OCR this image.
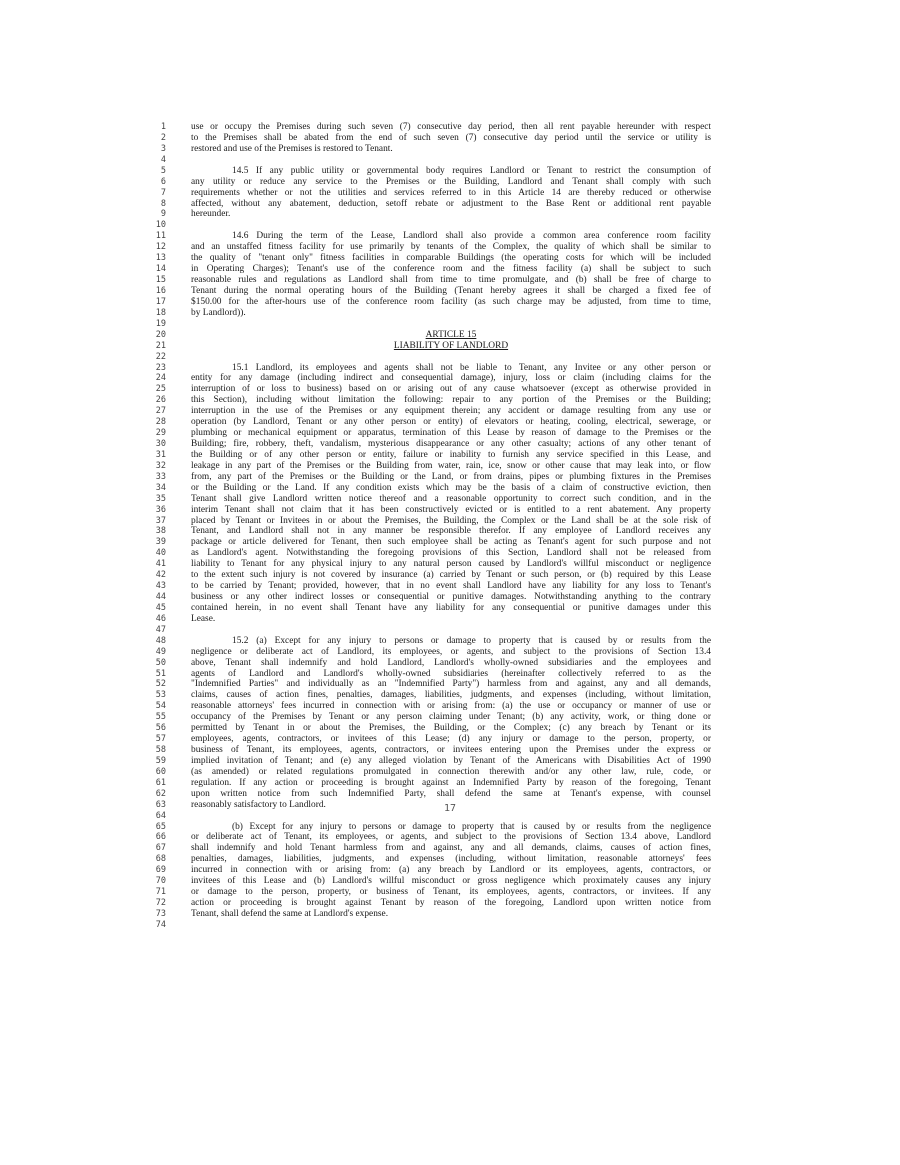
1	use or occupy the Premises during such seven (7) consecutive day period, then all rent payable hereunder with respect
2	to the Premises shall be abated from the end of such seven (7) consecutive day period until the service or utility is
3	restored and use of the Premises is restored to Tenant.
4
5	14.5 If any public utility or governmental body requires Landlord or Tenant to restrict the consumption of
6	any utility or reduce any service to the Premises or the Building, Landlord and Tenant shall comply with such
7	requirements whether or not the utilities and services referred to in this Article 14 are thereby reduced or otherwise
8	affected, without any abatement, deduction, setoff rebate or adjustment to the Base Rent or additional rent payable
9	hereunder.
10
11	14.6 During the term of the Lease, Landlord shall also provide a common area conference room facility
12	and an unstaffed fitness facility for use primarily by tenants of the Complex, the quality of which shall be similar to
13	the quality of "tenant only" fitness facilities in comparable Buildings (the operating costs for which will be included
14	in Operating Charges); Tenant's use of the conference room and the fitness facility (a) shall be subject to such
15	reasonable rules and regulations as Landlord shall from time to time promulgate, and (b) shall be free of charge to
16	Tenant during the normal operating hours of the Building (Tenant hereby agrees it shall be charged a fixed fee of
17	$150.00 for the after-hours use of the conference room facility (as such charge may be adjusted, from time to time,
18	by Landlord)).
19
20	ARTICLE 15
21	LIABILITY OF LANDLORD
22
23	15.1 Landlord, its employees and agents shall not be liable to Tenant, any Invitee or any other person or
24	entity for any damage (including indirect and consequential damage), injury, loss or claim (including claims for the
25	interruption of or loss to business) based on or arising out of any cause whatsoever (except as otherwise provided in
26	this Section), including without limitation the following: repair to any portion of the Premises or the Building;
27	interruption in the use of the Premises or any equipment therein; any accident or damage resulting from any use or
28	operation (by Landlord, Tenant or any other person or entity) of elevators or heating, cooling, electrical, sewerage, or
29	plumbing or mechanical equipment or apparatus, termination of this Lease by reason of damage to the Premises or the
30	Building; fire, robbery, theft, vandalism, mysterious disappearance or any other casualty; actions of any other tenant of
31	the Building or of any other person or entity, failure or inability to furnish any service specified in this Lease, and
32	leakage in any part of the Premises or the Building from water, rain, ice, snow or other cause that may leak into, or flow
33	from, any part of the Premises or the Building or the Land, or from drains, pipes or plumbing fixtures in the Premises
34	or the Building or the Land. If any condition exists which may be the basis of a claim of constructive eviction, then
35	Tenant shall give Landlord written notice thereof and a reasonable opportunity to correct such condition, and in the
36	interim Tenant shall not claim that it has been constructively evicted or is entitled to a rent abatement. Any property
37	placed by Tenant or Invitees in or about the Premises, the Building, the Complex or the Land shall be at the sole risk of
38	Tenant, and Landlord shall not in any manner be responsible therefor. If any employee of Landlord receives any
39	package or article delivered for Tenant, then such employee shall be acting as Tenant's agent for such purpose and not
40	as Landlord's agent. Notwithstanding the foregoing provisions of this Section, Landlord shall not be released from
41	liability to Tenant for any physical injury to any natural person caused by Landlord's willful misconduct or negligence
42	to the extent such injury is not covered by insurance (a) carried by Tenant or such person, or (b) required by this Lease
43	to be carried by Tenant; provided, however, that in no event shall Landlord have any liability for any loss to Tenant's
44	business or any other indirect losses or consequential or punitive damages. Notwithstanding anything to the contrary
45	contained herein, in no event shall Tenant have any liability for any consequential or punitive damages under this
46	Lease.
47
48	15.2 (a) Except for any injury to persons or damage to property that is caused by or results from the
49	negligence or deliberate act of Landlord, its employees, or agents, and subject to the provisions of Section 13.4
50	above, Tenant shall indemnify and hold Landlord, Landlord's wholly-owned subsidiaries and the employees and
51	agents of Landlord and Landlord's wholly-owned subsidiaries (hereinafter collectively referred to as the
52	"Indemnified Parties" and individually as an "Indemnified Party") harmless from and against, any and all demands,
53	claims, causes of action fines, penalties, damages, liabilities, judgments, and expenses (including, without limitation,
54	reasonable attorneys' fees incurred in connection with or arising from: (a) the use or occupancy or manner of use or
55	occupancy of the Premises by Tenant or any person claiming under Tenant; (b) any activity, work, or thing done or
56	permitted by Tenant in or about the Premises, the Building, or the Complex; (c) any breach by Tenant or its
57	employees, agents, contractors, or invitees of this Lease; (d) any injury or damage to the person, property, or
58	business of Tenant, its employees, agents, contractors, or invitees entering upon the Premises under the express or
59	implied invitation of Tenant; and (e) any alleged violation by Tenant of the Americans with Disabilities Act of 1990
60	(as amended) or related regulations promulgated in connection therewith and/or any other law, rule, code, or
61	regulation. If any action or proceeding is brought against an Indemnified Party by reason of the foregoing, Tenant
62	upon written notice from such Indemnified Party, shall defend the same at Tenant's expense, with counsel
63	reasonably satisfactory to Landlord.
64
65	(b) Except for any injury to persons or damage to property that is caused by or results from the negligence
66	or deliberate act of Tenant, its employees, or agents, and subject to the provisions of Section 13.4 above, Landlord
67	shall indemnify and hold Tenant harmless from and against, any and all demands, claims, causes of action fines,
68	penalties, damages, liabilities, judgments, and expenses (including, without limitation, reasonable attorneys' fees
69	incurred in connection with or arising from: (a) any breach by Landlord or its employees, agents, contractors, or
70	invitees of this Lease and (b) Landlord's willful misconduct or gross negligence which proximately causes any injury
71	or damage to the person, property, or business of Tenant, its employees, agents, contractors, or invitees. If any
72	action or proceeding is brought against Tenant by reason of the foregoing, Landlord upon written notice from
73	Tenant, shall defend the same at Landlord's expense.
74
17
